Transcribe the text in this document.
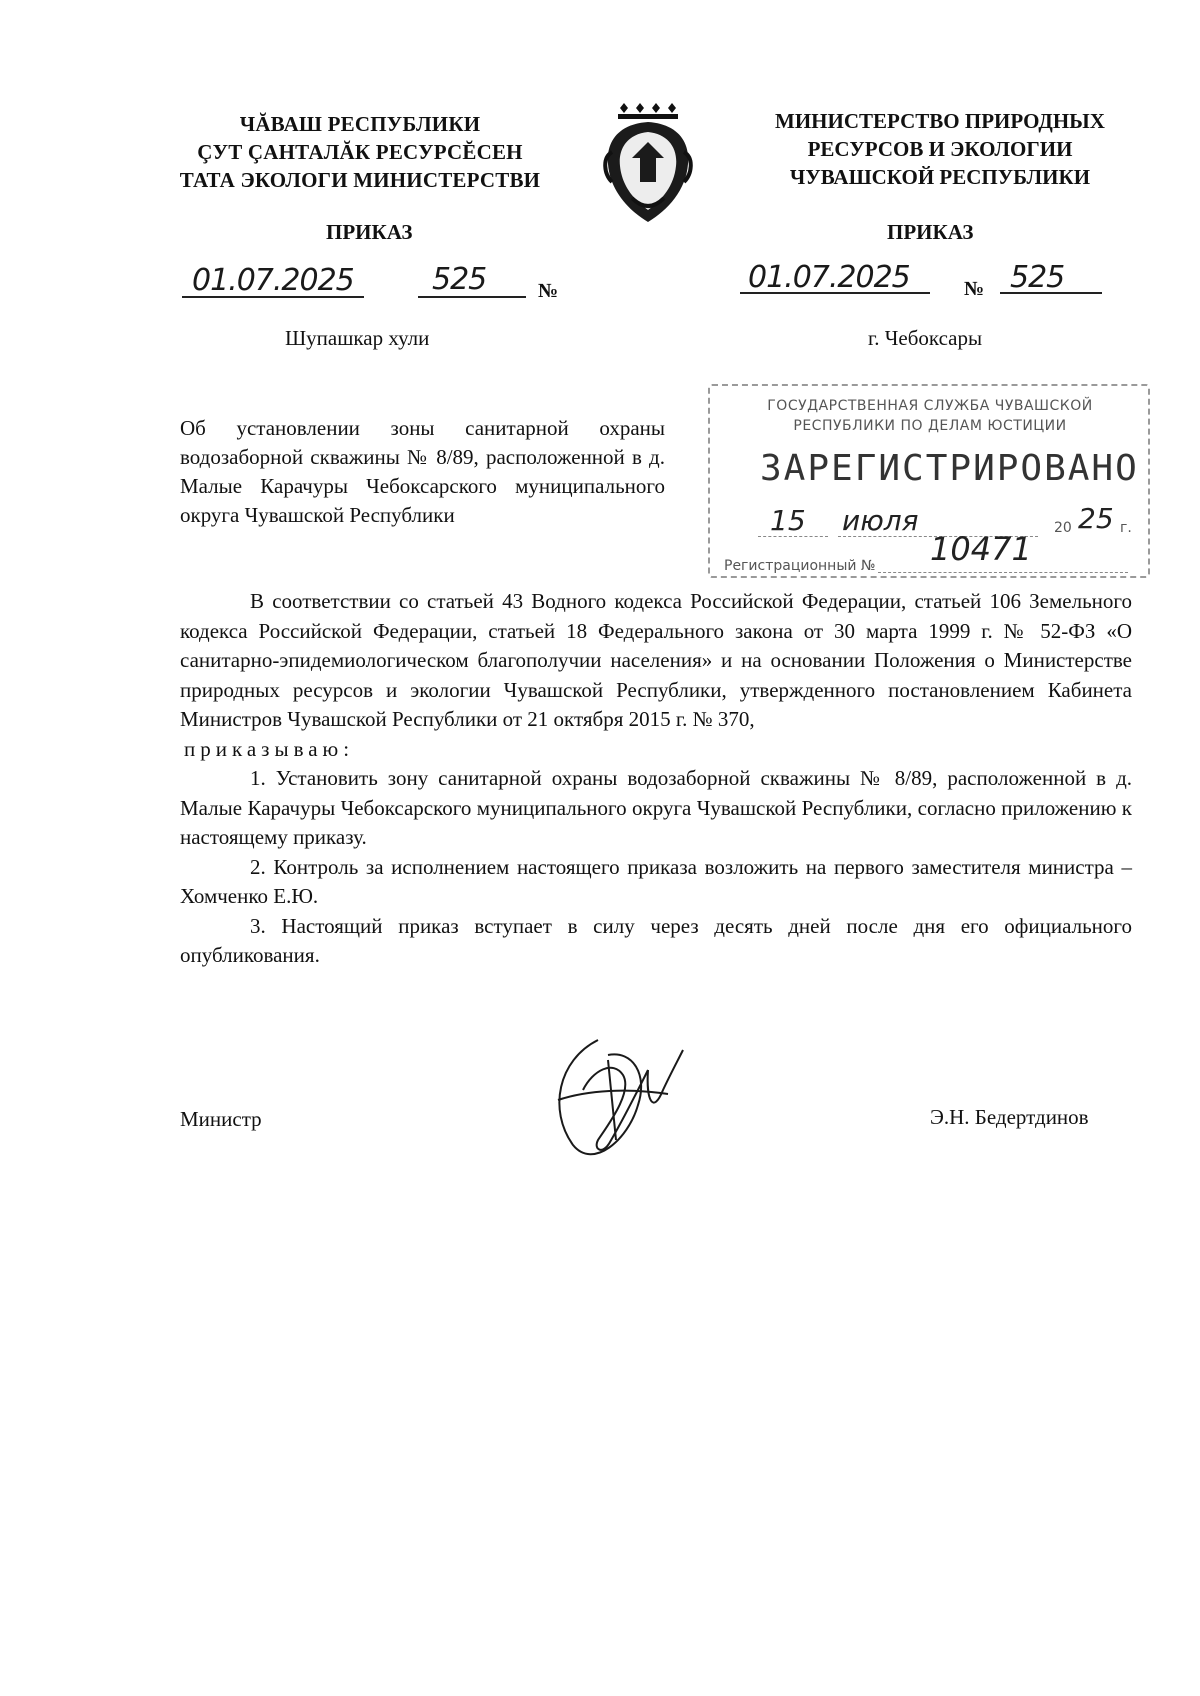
ЧĂВАШ РЕСПУБЛИКИ
ÇУТ ÇАНТАЛĂК РЕСУРСĔСЕН
ТАТА ЭКОЛОГИ МИНИСТЕРСТВИ
МИНИСТЕРСТВО ПРИРОДНЫХ
РЕСУРСОВ И ЭКОЛОГИИ
ЧУВАШСКОЙ РЕСПУБЛИКИ
ПРИКАЗ	ПРИКАЗ
01.07.2025	525	№	01.07.2025	№ 525
Шупашкар хули	г. Чебоксары
Об установлении зоны санитарной охраны водозаборной скважины № 8/89, расположенной в д. Малые Карачуры Чебоксарского муниципального округа Чувашской Республики
ГОСУДАРСТВЕННАЯ СЛУЖБА ЧУВАШСКОЙ
РЕСПУБЛИКИ ПО ДЕЛАМ ЮСТИЦИИ
ЗАРЕГИСТРИРОВАНО
15 июля	20 25 г.
Регистрационный № 10471

В соответствии со статьей 43 Водного кодекса Российской Федерации, статьей 106 Земельного кодекса Российской Федерации, статьей 18 Федерального закона от 30 марта 1999 г. № 52-ФЗ «О санитарно-эпидемиологическом благополучии населения» и на основании Положения о Министерстве природных ресурсов и экологии Чувашской Республики, утвержденного постановлением Кабинета Министров Чувашской Республики от 21 октября 2015 г. № 370,

приказываю:

1. Установить зону санитарной охраны водозаборной скважины № 8/89, расположенной в д. Малые Карачуры Чебоксарского муниципального округа Чувашской Республики, согласно приложению к настоящему приказу.

2. Контроль за исполнением настоящего приказа возложить на первого заместителя министра – Хомченко Е.Ю.

3. Настоящий приказ вступает в силу через десять дней после дня его официального опубликования.

Министр	Э.Н. Бедертдинов
